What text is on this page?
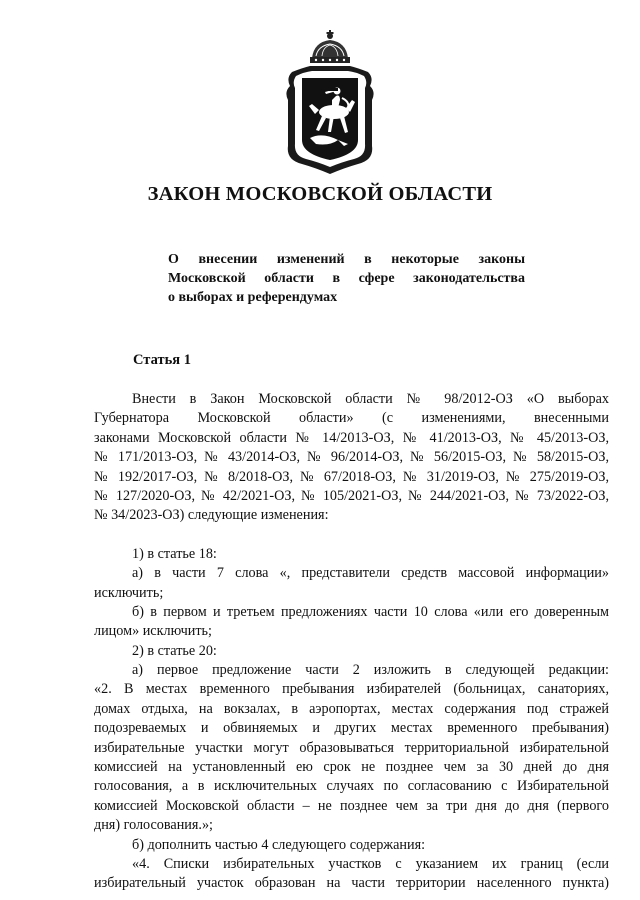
ЗАКОН МОСКОВСКОЙ ОБЛАСТИ
О внесении изменений в некоторые законы
Московской области в сфере законодательства
о выборах и референдумах
Статья 1
Внести в Закон Московской области № 98/2012-ОЗ «О выборах
Губернатора Московской области» (с изменениями, внесенными
законами Московской области № 14/2013-ОЗ, № 41/2013-ОЗ, № 45/2013-ОЗ,
№ 171/2013-ОЗ, № 43/2014-ОЗ, № 96/2014-ОЗ, № 56/2015-ОЗ, № 58/2015-ОЗ,
№ 192/2017-ОЗ, № 8/2018-ОЗ, № 67/2018-ОЗ, № 31/2019-ОЗ, № 275/2019-ОЗ,
№ 127/2020-ОЗ, № 42/2021-ОЗ, № 105/2021-ОЗ, № 244/2021-ОЗ, № 73/2022-ОЗ,
№ 34/2023-ОЗ) следующие изменения:
1) в статье 18:
а) в части 7 слова «, представители средств массовой информации»
исключить;
б) в первом и третьем предложениях части 10 слова «или его доверенным
лицом» исключить;
2) в статье 20:
а) первое предложение части 2 изложить в следующей редакции:
«2. В местах временного пребывания избирателей (больницах, санаториях,
домах отдыха, на вокзалах, в аэропортах, местах содержания под стражей
подозреваемых и обвиняемых и других местах временного пребывания)
избирательные участки могут образовываться территориальной избирательной
комиссией на установленный ею срок не позднее чем за 30 дней до дня
голосования, а в исключительных случаях по согласованию с Избирательной
комиссией Московской области – не позднее чем за три дня до дня (первого
дня) голосования.»;
б) дополнить частью 4 следующего содержания:
«4. Списки избирательных участков с указанием их границ (если
избирательный участок образован на части территории населенного пункта)
